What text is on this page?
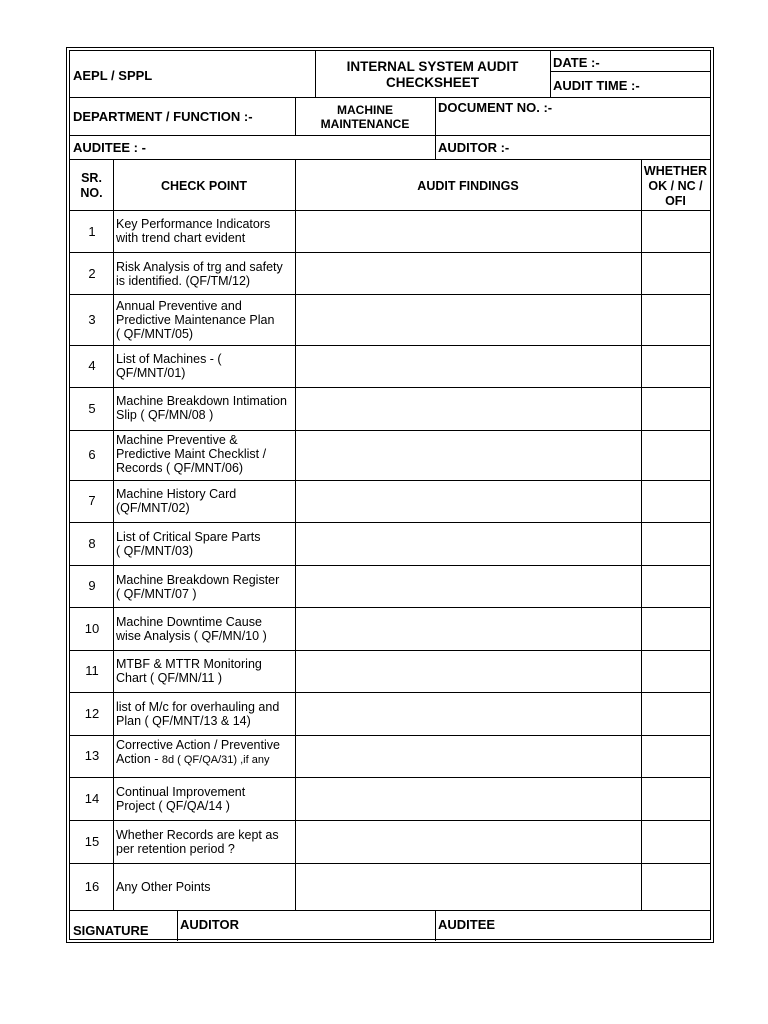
AEPL / SPPL
INTERNAL SYSTEM AUDIT
CHECKSHEET
DATE :-
AUDIT TIME :-
DEPARTMENT / FUNCTION :-	MACHINE
MAINTENANCE
DOCUMENT NO. :-
AUDITEE : -	AUDITOR :-
SR.
NO.	CHECK POINT	AUDIT FINDINGS
WHETHER
OK / NC /
OFI
1	Key Performance Indicators
with trend chart evident
2	Risk Analysis of trg and safety
is identified. (QF/TM/12)
3
Annual Preventive and
Predictive Maintenance Plan
( QF/MNT/05)
4	List of Machines - (
QF/MNT/01)
5	Machine Breakdown Intimation
Slip ( QF/MN/08 )
6
Machine Preventive &
Predictive Maint Checklist /
Records ( QF/MNT/06)
7	Machine History Card
(QF/MNT/02)
8	List of Critical Spare Parts
( QF/MNT/03)
9	Machine Breakdown Register
( QF/MNT/07 )
10	Machine Downtime Cause
wise Analysis ( QF/MN/10 )
11	MTBF & MTTR Monitoring
Chart ( QF/MN/11 )
12	list of M/c for overhauling and
Plan ( QF/MNT/13 & 14)
13
Corrective Action / Preventive
Action - 8d ( QF/QA/31) ,if any
14	Continual Improvement
Project ( QF/QA/14 )
15	Whether Records are kept as
per retention period ?
16	Any Other Points
SIGNATURE AUDITOR	AUDITEE
